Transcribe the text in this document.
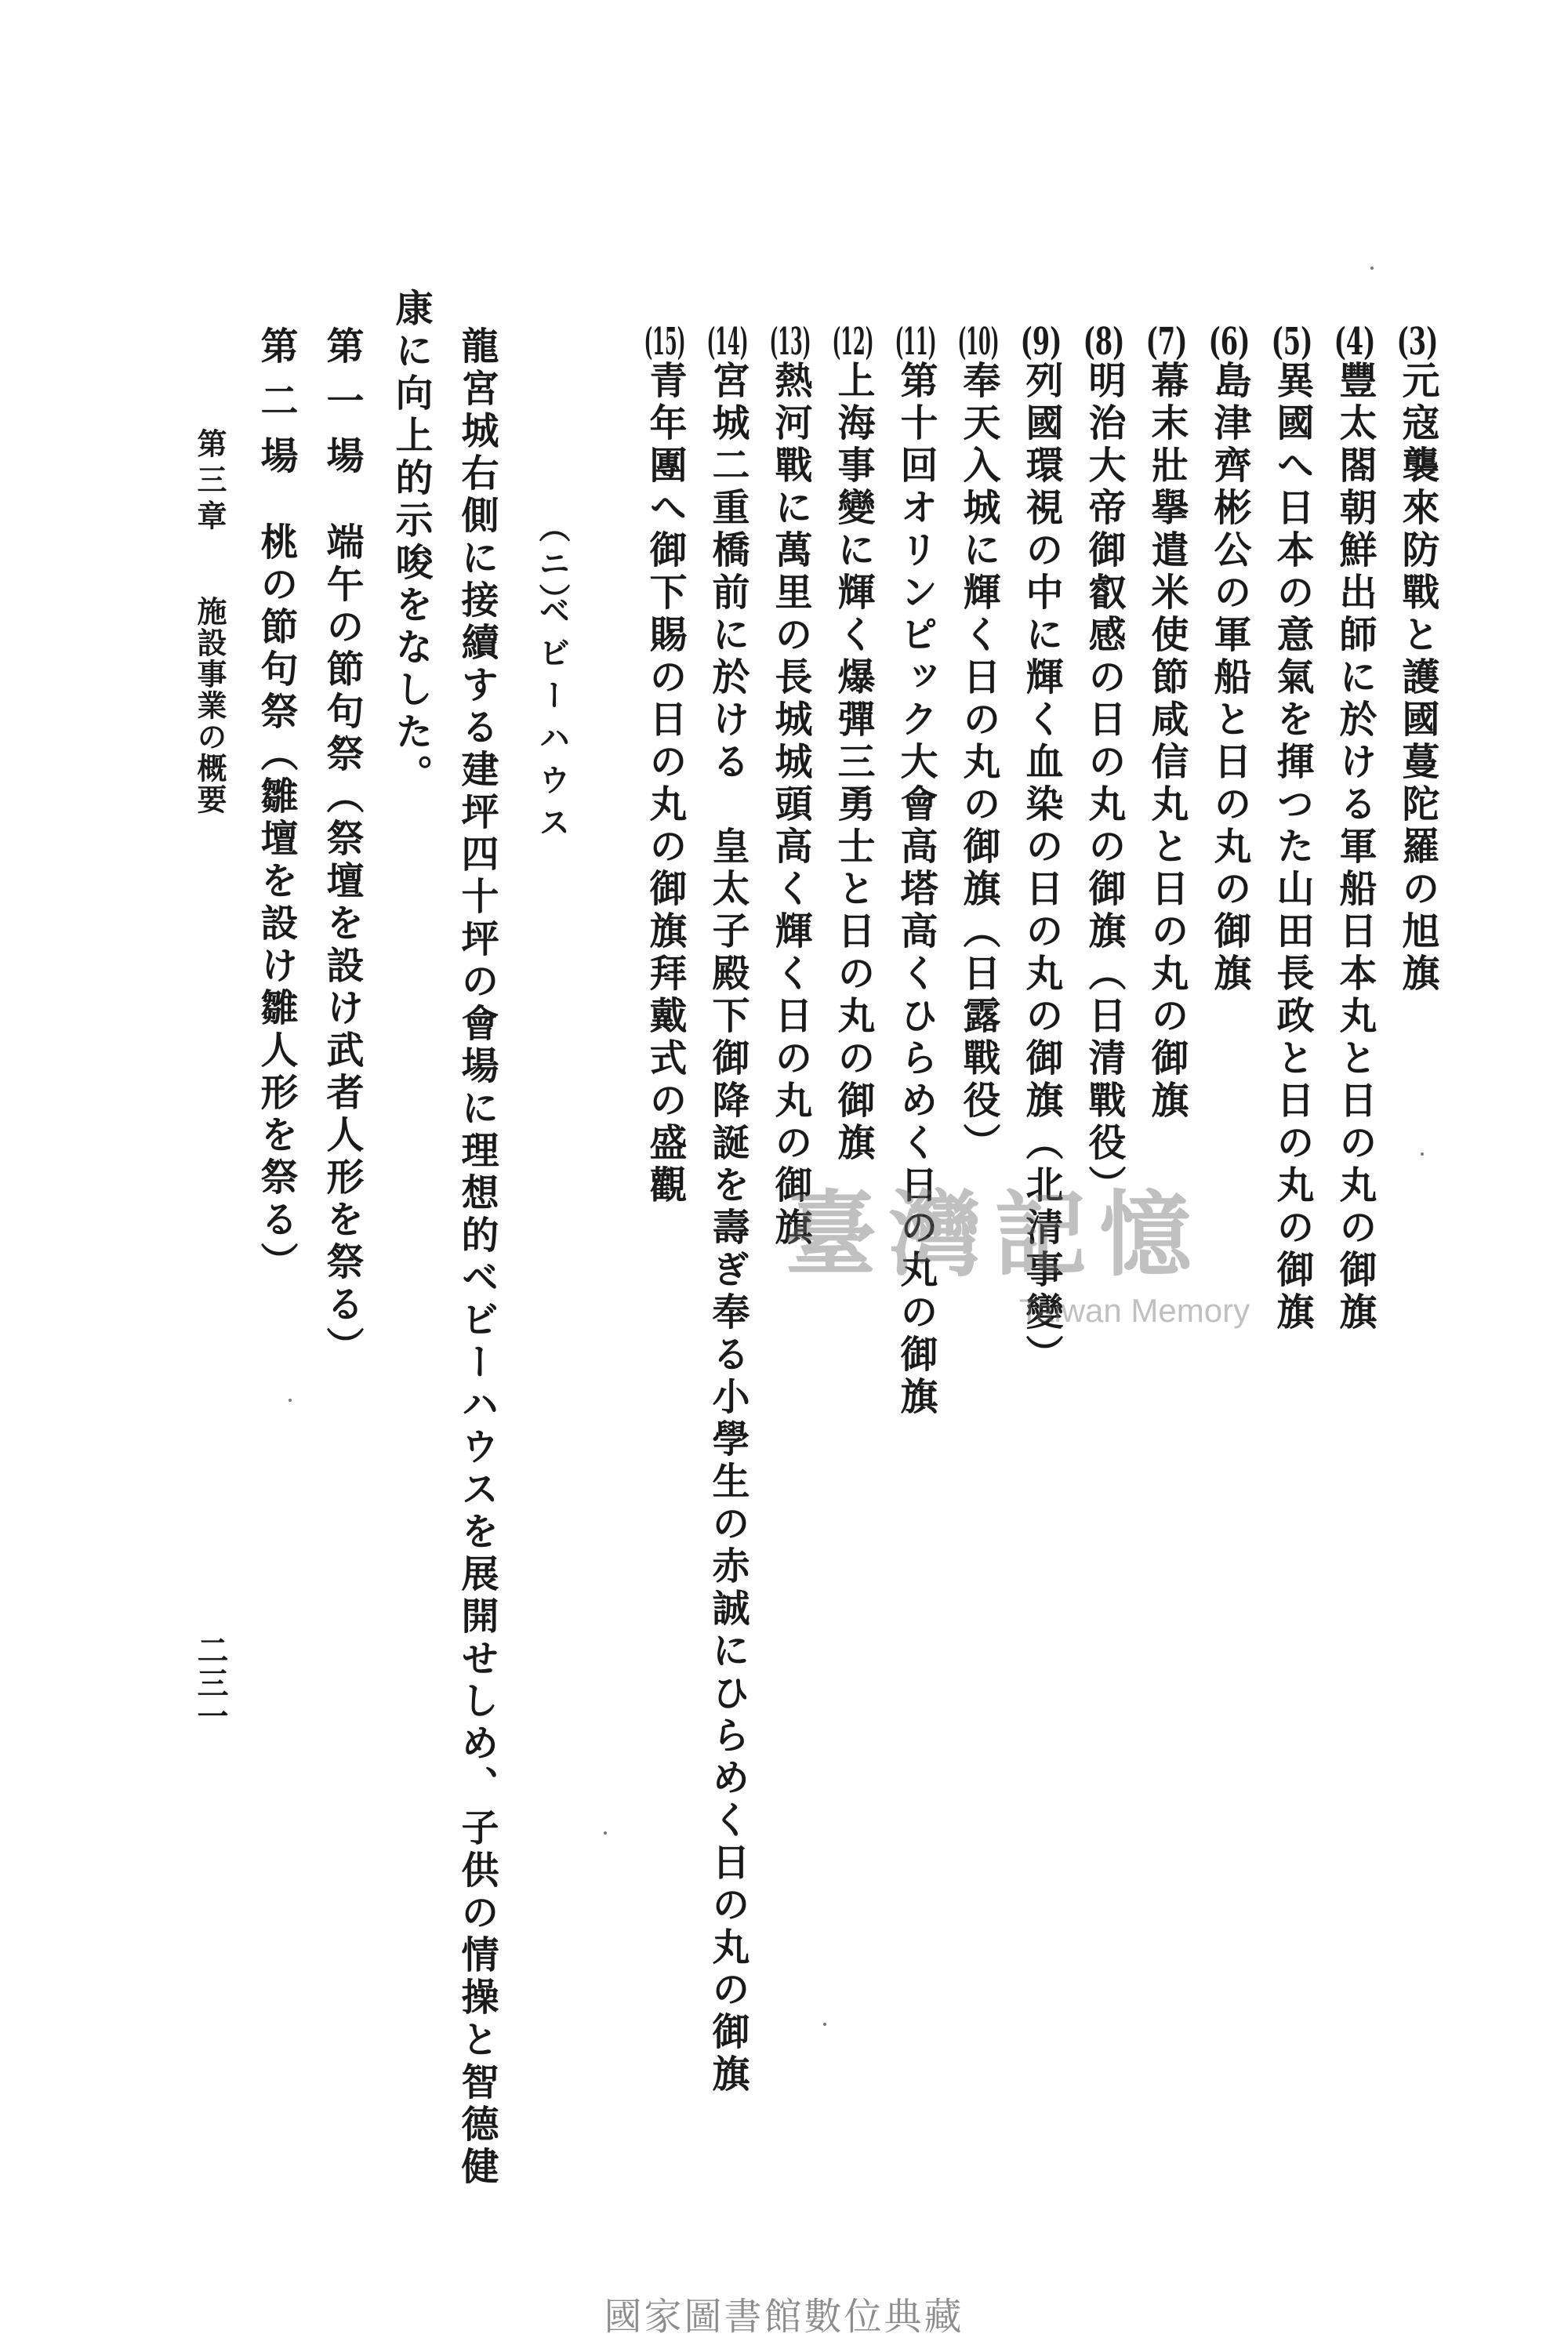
(3)元寇襲來防戰と護國蔓陀羅の旭旗
(4)豐太閤朝鮮出師に於ける軍船日本丸と日の丸の御旗
(5)異國へ日本の意氣を揮つた山田長政と日の丸の御旗
(6)島津齊彬公の軍船と日の丸の御旗
(7)幕末壯擧遣米使節咸信丸と日の丸の御旗
(8)明治大帝御叡感の日の丸の御旗（日清戰役）
(9)列國環視の中に輝く血染の日の丸の御旗（北清事變）
(10)奉天入城に輝く日の丸の御旗（日露戰役）
(11)第十回オリンピック大會高塔高くひらめく日の丸の御旗
(12)上海事變に輝く爆彈三勇士と日の丸の御旗
(13)熱河戰に萬里の長城城頭高く輝く日の丸の御旗
(14)宮城二重橋前に於ける　皇太子殿下御降誕を壽ぎ奉る小學生の赤誠にひらめく日の丸の御旗
(15)青年團へ御下賜の日の丸の御旗拜戴式の盛觀
（ニ）
ベビーハウス
龍宮城右側に接續する建坪四十坪の會場に理想的ベビーハウスを展開せしめ、子供の情操と智德健
康に向上的示唆をなした。
第一場端午の節句祭（祭壇を設け武者人形を祭る）
第二場桃の節句祭（雛壇を設け雛人形を祭る）
第三章
施設事業の概要
二三一
臺灣記憶
Taiwan Memory
國家圖書館數位典藏
